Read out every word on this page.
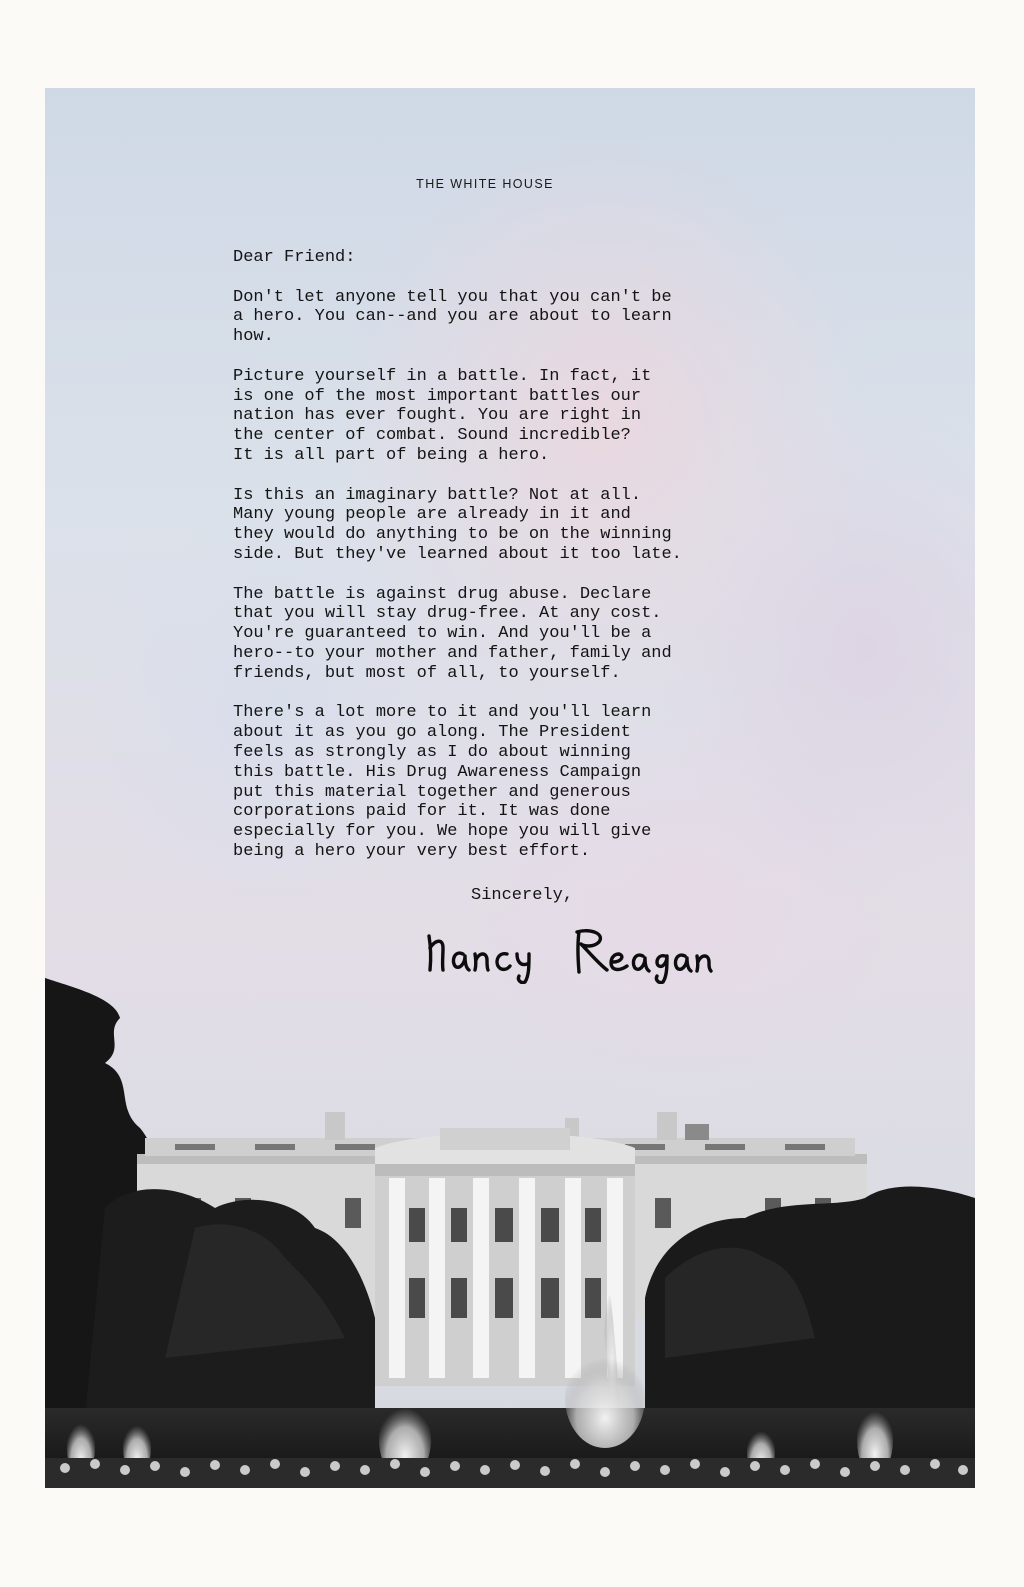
THE WHITE HOUSE

Dear Friend:

Don't let anyone tell you that you can't be
a hero. You can--and you are about to learn
how.

Picture yourself in a battle. In fact, it
is one of the most important battles our
nation has ever fought. You are right in
the center of combat. Sound incredible?
It is all part of being a hero.

Is this an imaginary battle? Not at all.
Many young people are already in it and
they would do anything to be on the winning
side. But they've learned about it too late.

The battle is against drug abuse. Declare
that you will stay drug-free. At any cost.
You're guaranteed to win. And you'll be a
hero--to your mother and father, family and
friends, but most of all, to yourself.

There's a lot more to it and you'll learn
about it as you go along. The President
feels as strongly as I do about winning
this battle. His Drug Awareness Campaign
put this material together and generous
corporations paid for it. It was done
especially for you. We hope you will give
being a hero your very best effort.

Sincerely,
